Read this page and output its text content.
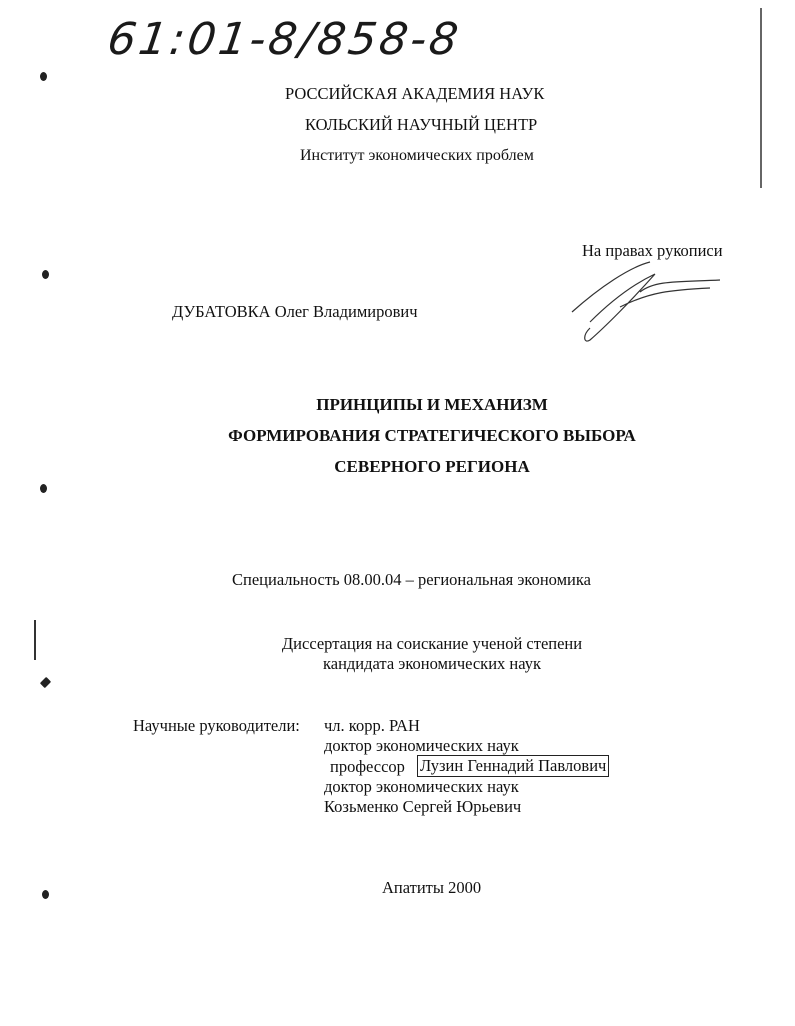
61:01-8/858-8
РОССИЙСКАЯ АКАДЕМИЯ НАУК
КОЛЬСКИЙ НАУЧНЫЙ ЦЕНТР
Институт экономических проблем
На правах рукописи
ДУБАТОВКА Олег Владимирович
ПРИНЦИПЫ И МЕХАНИЗМ
ФОРМИРОВАНИЯ СТРАТЕГИЧЕСКОГО ВЫБОРА
СЕВЕРНОГО РЕГИОНА
Специальность 08.00.04 – региональная экономика
Диссертация на соискание ученой степени
кандидата экономических наук
Научные руководители: чл. корр. РАН
доктор экономических наук
профессор Лузин Геннадий Павлович
доктор экономических наук
Козьменко Сергей Юрьевич
Апатиты 2000
